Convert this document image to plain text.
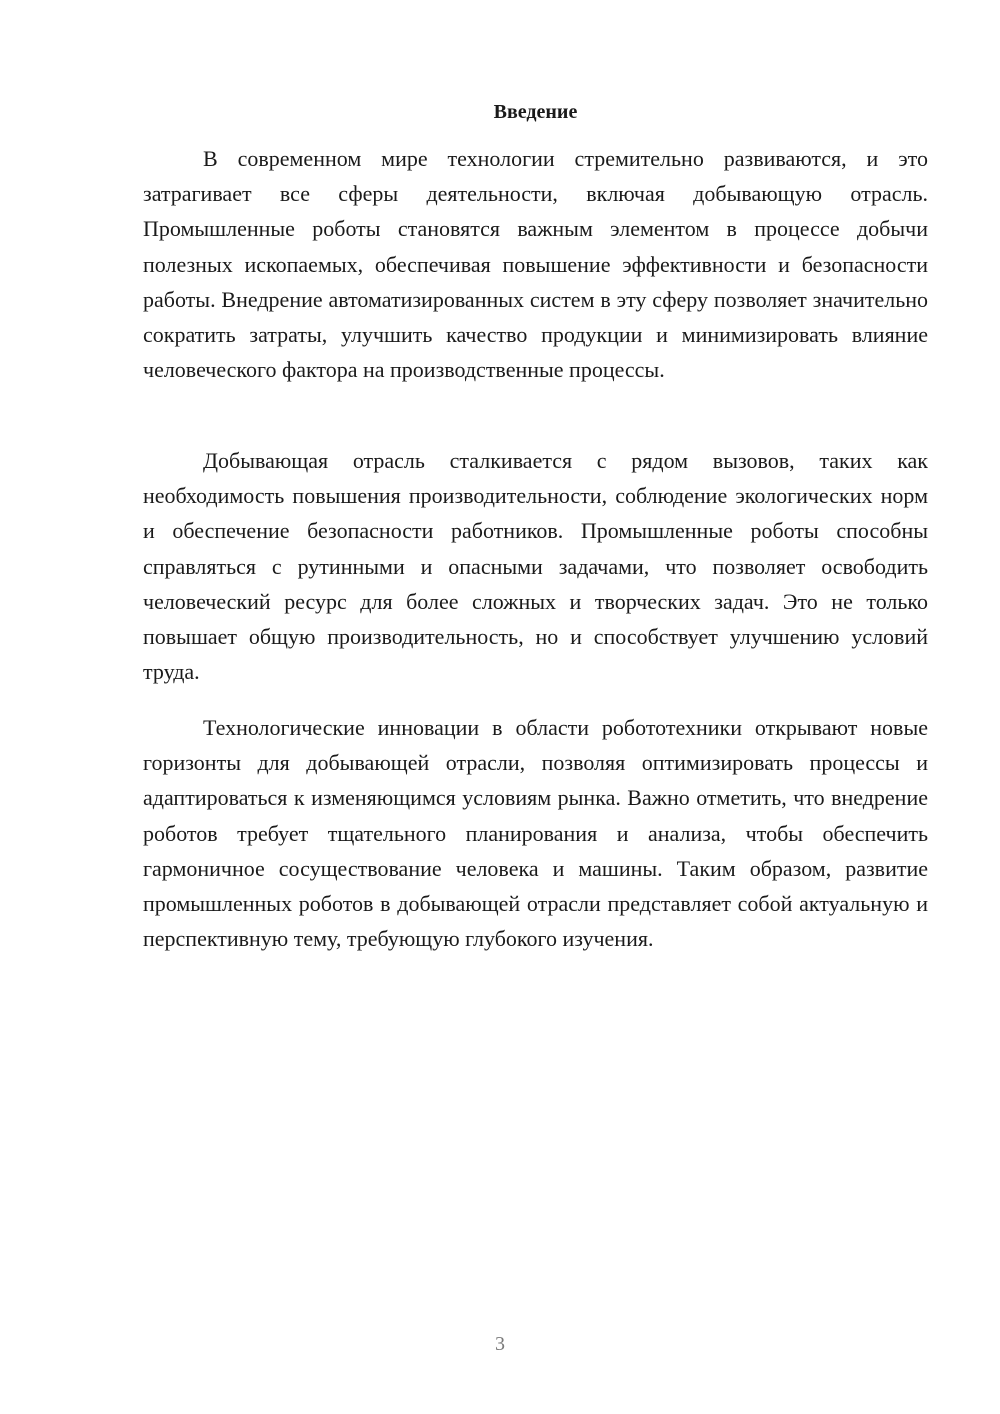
Введение

В современном мире технологии стремительно развиваются, и это затрагивает все сферы деятельности, включая добывающую отрасль. Промышленные роботы становятся важным элементом в процессе добычи полезных ископаемых, обеспечивая повышение эффективности и безопасности работы. Внедрение автоматизированных систем в эту сферу позволяет значительно сократить затраты, улучшить качество продукции и минимизировать влияние человеческого фактора на производственные процессы.

Добывающая отрасль сталкивается с рядом вызовов, таких как необходимость повышения производительности, соблюдение экологических норм и обеспечение безопасности работников. Промышленные роботы способны справляться с рутинными и опасными задачами, что позволяет освободить человеческий ресурс для более сложных и творческих задач. Это не только повышает общую производительность, но и способствует улучшению условий труда.

Технологические инновации в области робототехники открывают новые горизонты для добывающей отрасли, позволяя оптимизировать процессы и адаптироваться к изменяющимся условиям рынка. Важно отметить, что внедрение роботов требует тщательного планирования и анализа, чтобы обеспечить гармоничное сосуществование человека и машины. Таким образом, развитие промышленных роботов в добывающей отрасли представляет собой актуальную и перспективную тему, требующую глубокого изучения.

3
